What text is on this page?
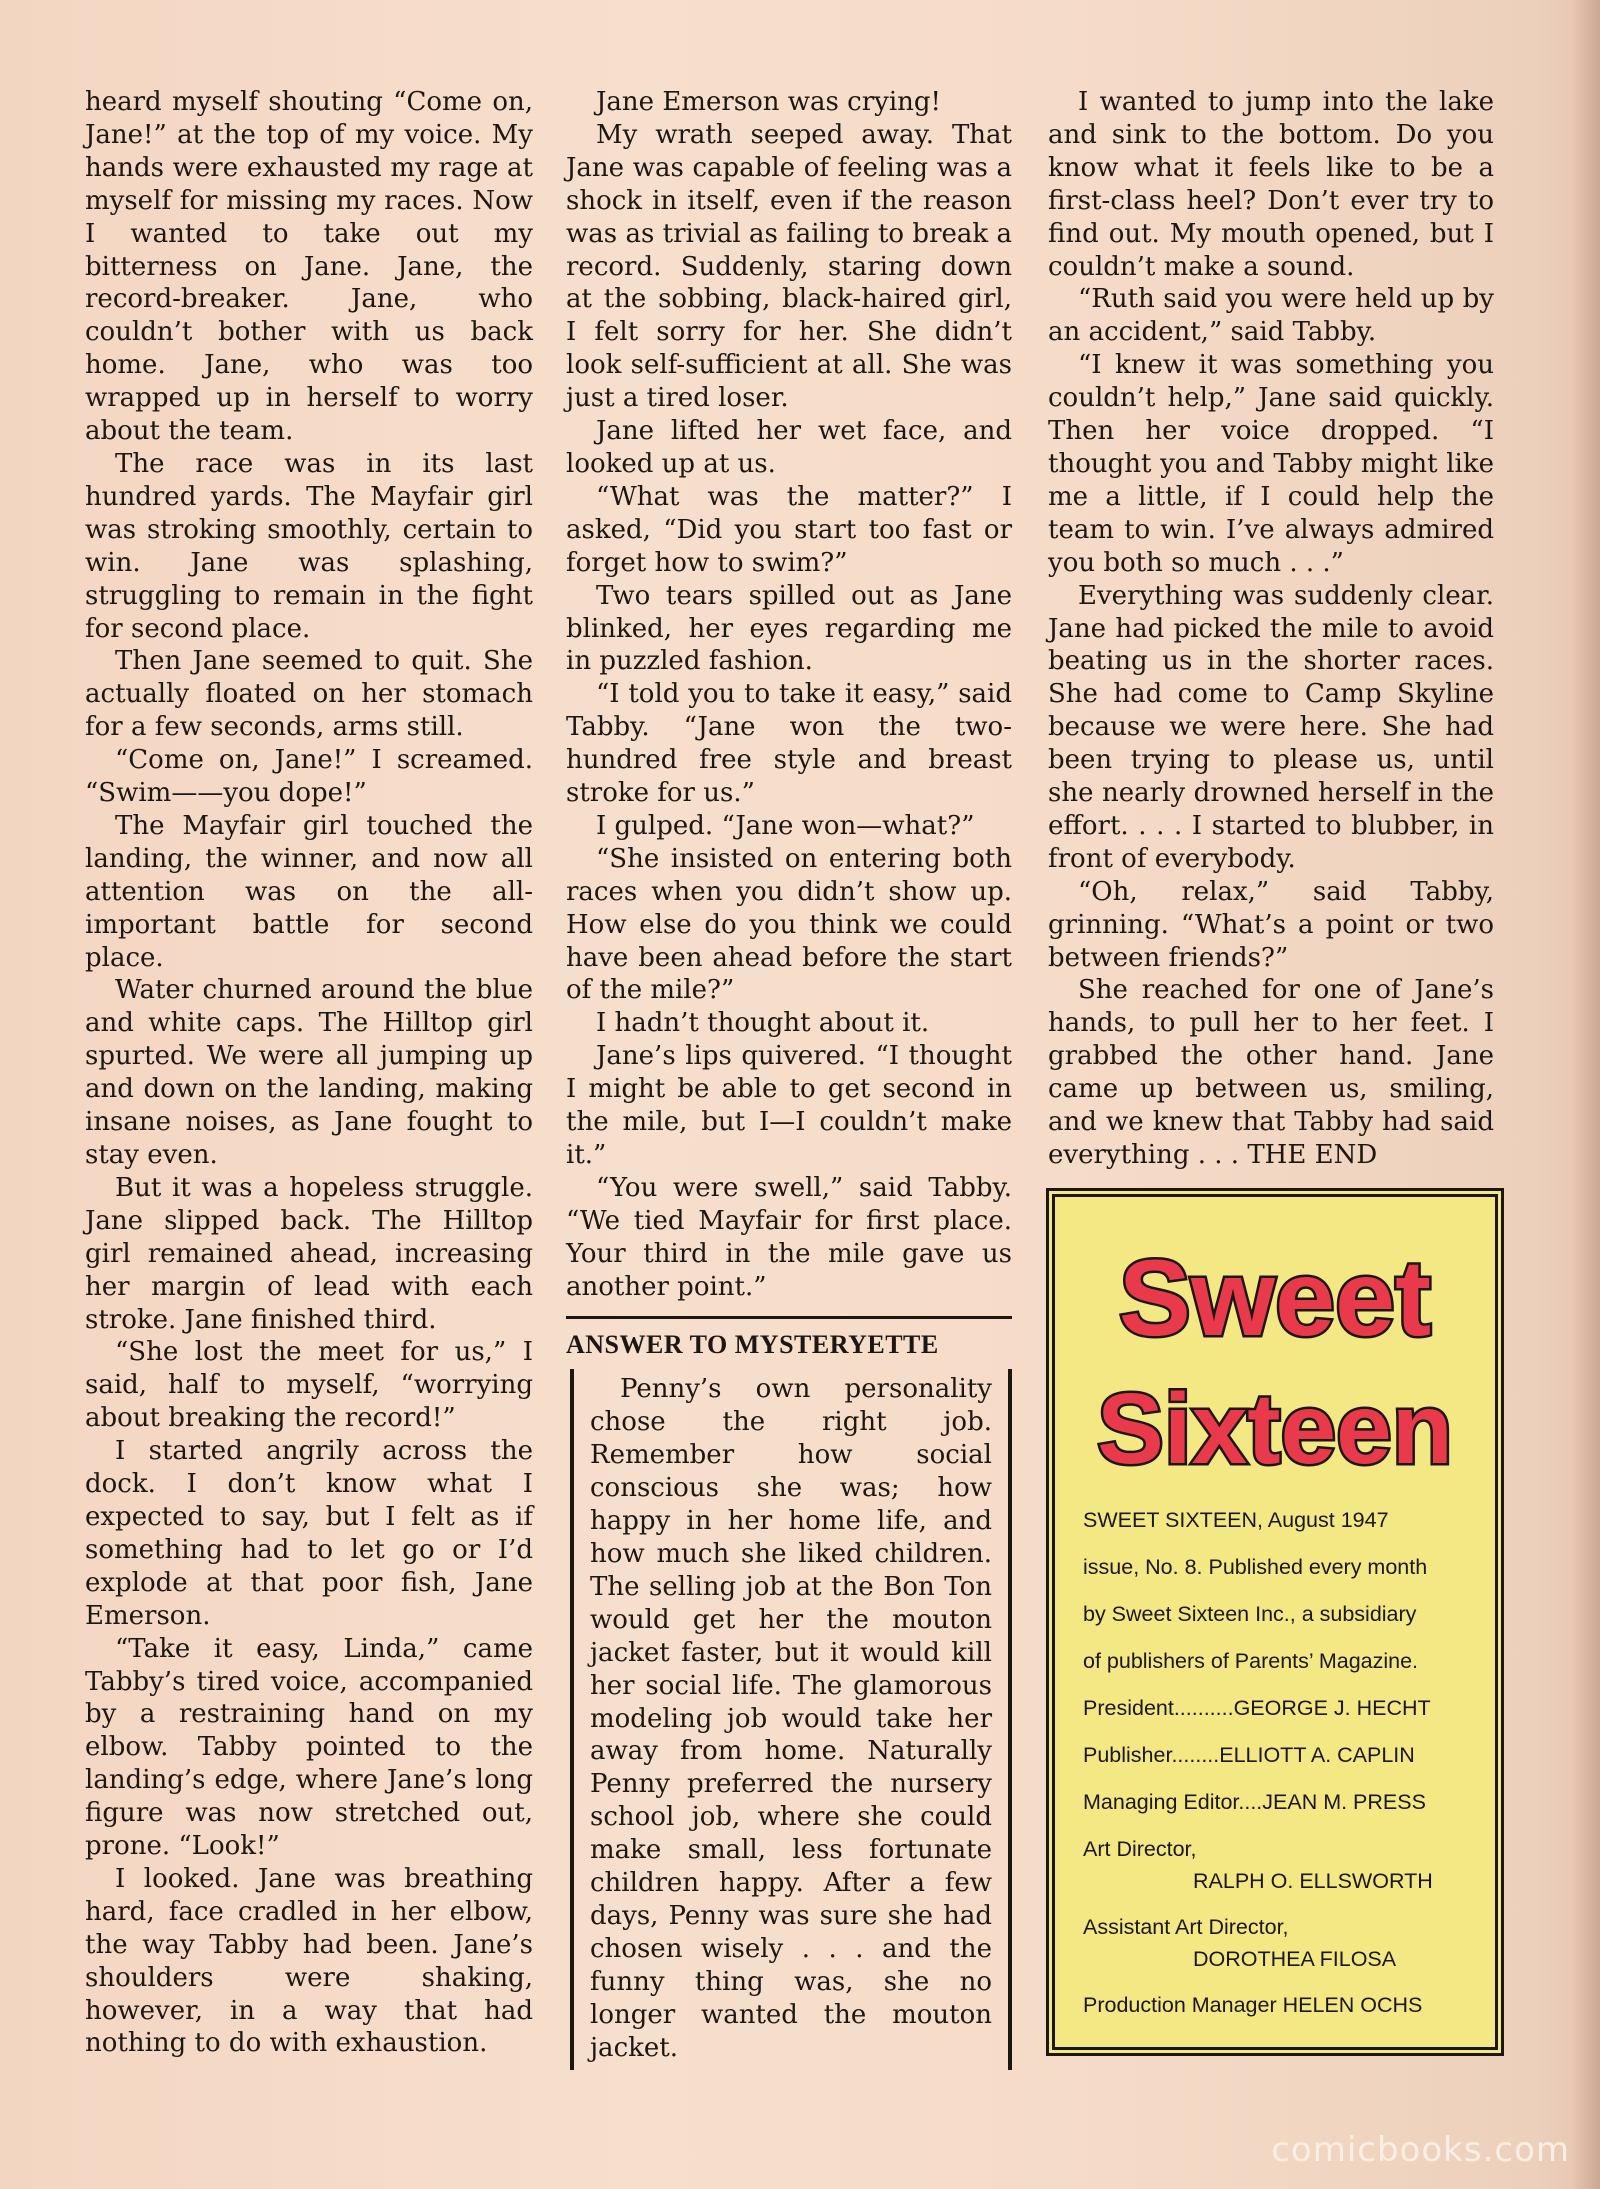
heard myself shouting “Come on, Jane!” at the top of my voice. My hands were exhausted my rage at myself for missing my races. Now I wanted to take out my bitterness on Jane. Jane, the record-breaker. Jane, who couldn’t bother with us back home. Jane, who was too wrapped up in herself to worry about the team.

The race was in its last hundred yards. The Mayfair girl was stroking smoothly, certain to win. Jane was splashing, struggling to remain in the fight for second place.

Then Jane seemed to quit. She actually floated on her stomach for a few seconds, arms still.

“Come on, Jane!” I screamed. “Swim——you dope!”

The Mayfair girl touched the landing, the winner, and now all attention was on the all-important battle for second place.

Water churned around the blue and white caps. The Hilltop girl spurted. We were all jumping up and down on the landing, making insane noises, as Jane fought to stay even.

But it was a hopeless struggle. Jane slipped back. The Hilltop girl remained ahead, increasing her margin of lead with each stroke. Jane finished third.

“She lost the meet for us,” I said, half to myself, “worrying about breaking the record!”

I started angrily across the dock. I don’t know what I expected to say, but I felt as if something had to let go or I’d explode at that poor fish, Jane Emerson.

“Take it easy, Linda,” came Tabby’s tired voice, accompanied by a restraining hand on my elbow. Tabby pointed to the landing’s edge, where Jane’s long figure was now stretched out, prone. “Look!”

I looked. Jane was breathing hard, face cradled in her elbow, the way Tabby had been. Jane’s shoulders were shaking, however, in a way that had nothing to do with exhaustion.

Jane Emerson was crying!

My wrath seeped away. That Jane was capable of feeling was a shock in itself, even if the reason was as trivial as failing to break a record. Suddenly, staring down at the sobbing, black-haired girl, I felt sorry for her. She didn’t look self-sufficient at all. She was just a tired loser.

Jane lifted her wet face, and looked up at us.

“What was the matter?” I asked, “Did you start too fast or forget how to swim?”

Two tears spilled out as Jane blinked, her eyes regarding me in puzzled fashion.

“I told you to take it easy,” said Tabby. “Jane won the two-hundred free style and breast stroke for us.”

I gulped. “Jane won—what?”

“She insisted on entering both races when you didn’t show up. How else do you think we could have been ahead before the start of the mile?”

I hadn’t thought about it.

Jane’s lips quivered. “I thought I might be able to get second in the mile, but I—I couldn’t make it.”

“You were swell,” said Tabby. “We tied Mayfair for first place. Your third in the mile gave us another point.”

ANSWER TO MYSTERYETTE

Penny’s own personality chose the right job. Remember how social conscious she was; how happy in her home life, and how much she liked children. The selling job at the Bon Ton would get her the mouton jacket faster, but it would kill her social life. The glamorous modeling job would take her away from home. Naturally Penny preferred the nursery school job, where she could make small, less fortunate children happy. After a few days, Penny was sure she had chosen wisely . . . and the funny thing was, she no longer wanted the mouton jacket.

I wanted to jump into the lake and sink to the bottom. Do you know what it feels like to be a first-class heel? Don’t ever try to find out. My mouth opened, but I couldn’t make a sound.

“Ruth said you were held up by an accident,” said Tabby.

“I knew it was something you couldn’t help,” Jane said quickly. Then her voice dropped. “I thought you and Tabby might like me a little, if I could help the team to win. I’ve always admired you both so much . . .”

Everything was suddenly clear. Jane had picked the mile to avoid beating us in the shorter races. She had come to Camp Skyline because we were here. She had been trying to please us, until she nearly drowned herself in the effort. . . . I started to blubber, in front of everybody.

“Oh, relax,” said Tabby, grinning. “What’s a point or two between friends?”

She reached for one of Jane’s hands, to pull her to her feet. I grabbed the other hand. Jane came up between us, smiling, and we knew that Tabby had said everything . . . THE END

Sweet
Sixteen
SWEET SIXTEEN, August 1947
issue, No. 8. Published every month
by Sweet Sixteen Inc., a subsidiary
of publishers of Parents’ Magazine.
President..........GEORGE J. HECHT
Publisher........ELLIOTT A. CAPLIN
Managing Editor....JEAN M. PRESS
Art Director,
RALPH O. ELLSWORTH
Assistant Art Director,
DOROTHEA FILOSA
Production Manager HELEN OCHS
comicbooks.com
